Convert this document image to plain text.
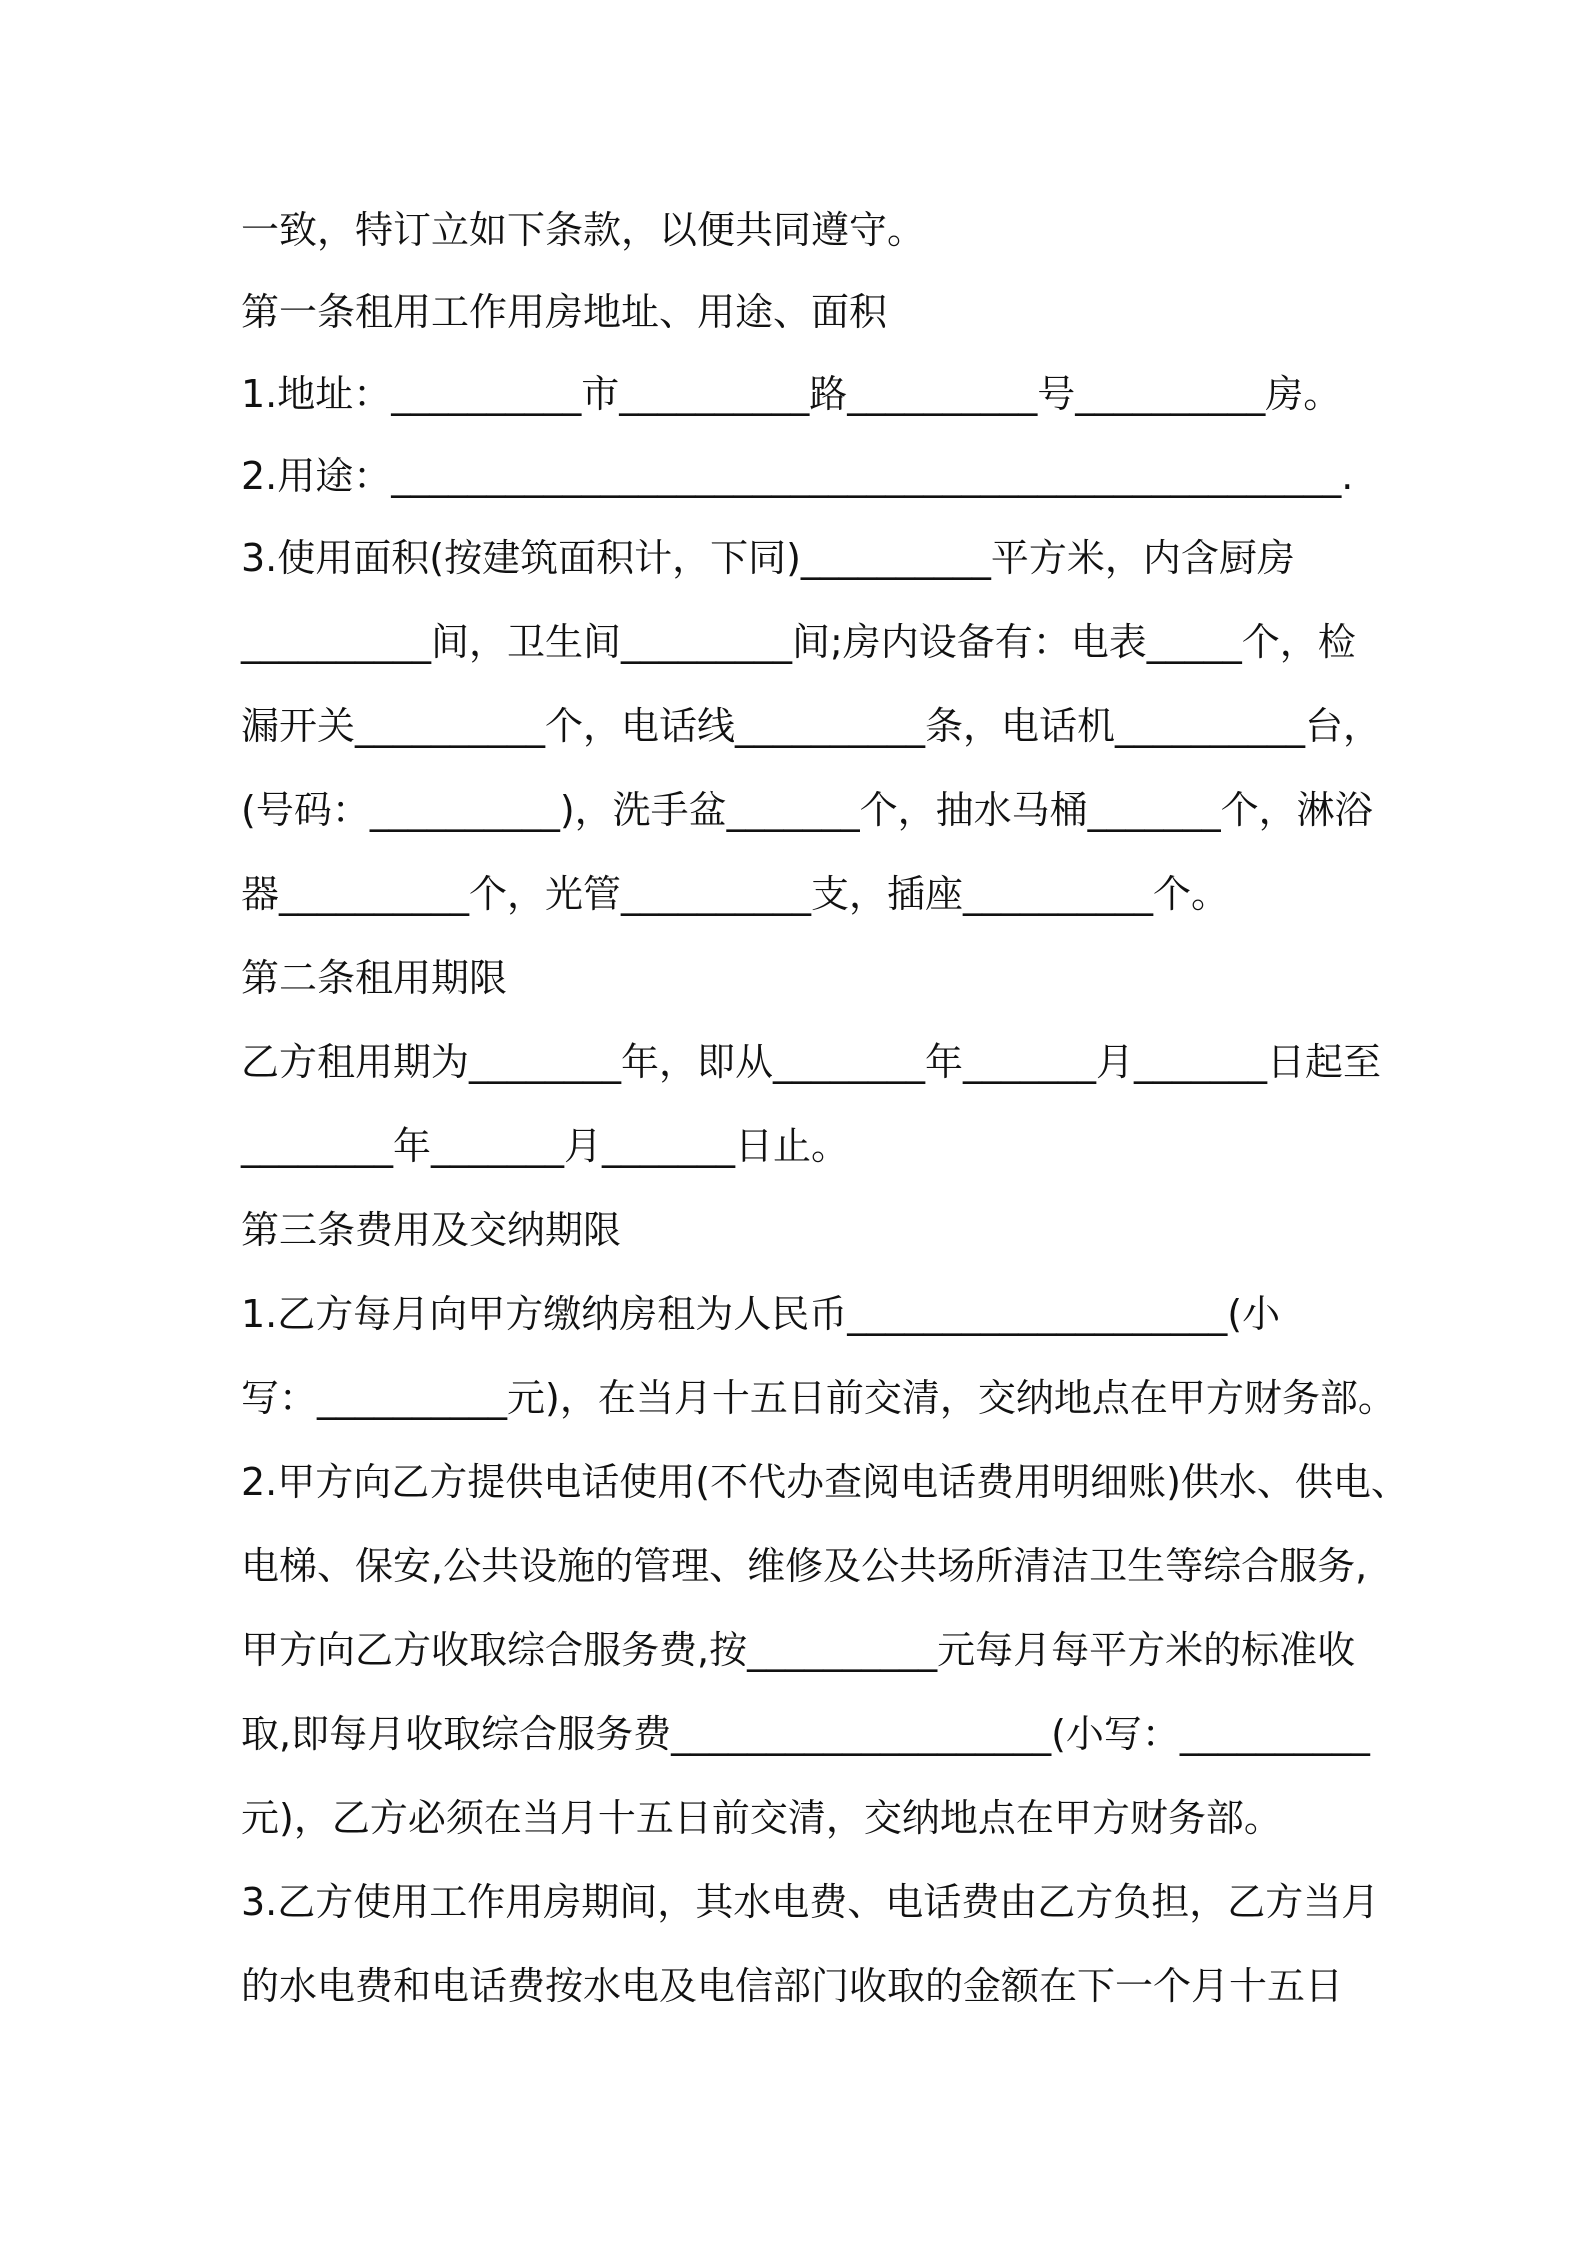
一致，特订立如下条款，以便共同遵守。
第一条租用工作用房地址、用途、面积
1.地址：__________市__________路__________号__________房。
2.用途：__________________________________________________.
3.使用面积(按建筑面积计，下同)__________平方米，内含厨房
__________间，卫生间_________间;房内设备有：电表_____个，检
漏开关__________个，电话线__________条，电话机__________台，
(号码：__________)，洗手盆_______个，抽水马桶_______个，淋浴
器__________个，光管__________支，插座__________个。
第二条租用期限
乙方租用期为________年，即从________年_______月_______日起至
________年_______月_______日止。
第三条费用及交纳期限
1.乙方每月向甲方缴纳房租为人民币____________________(小
写：__________元)，在当月十五日前交清，交纳地点在甲方财务部。
2.甲方向乙方提供电话使用(不代办查阅电话费用明细账)供水、供电、
电梯、保安,公共设施的管理、维修及公共场所清洁卫生等综合服务,
甲方向乙方收取综合服务费,按__________元每月每平方米的标准收
取,即每月收取综合服务费____________________(小写：__________
元)，乙方必须在当月十五日前交清，交纳地点在甲方财务部。
3.乙方使用工作用房期间，其水电费、电话费由乙方负担，乙方当月
的水电费和电话费按水电及电信部门收取的金额在下一个月十五日
